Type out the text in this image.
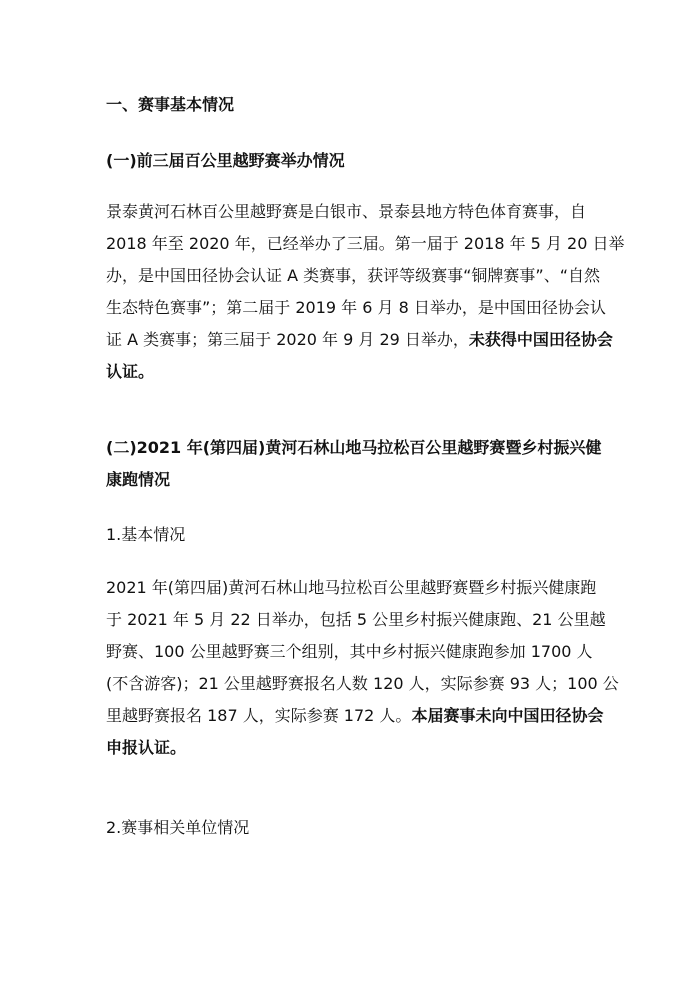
一、赛事基本情况
(一)前三届百公里越野赛举办情况
景泰黄河石林百公里越野赛是白银市、景泰县地方特色体育赛事，自
2018 年至 2020 年，已经举办了三届。第一届于 2018 年 5 月 20 日举
办，是中国田径协会认证 A 类赛事，获评等级赛事“铜牌赛事”、“自然
生态特色赛事”；第二届于 2019 年 6 月 8 日举办，是中国田径协会认
证 A 类赛事；第三届于 2020 年 9 月 29 日举办，未获得中国田径协会
认证。
(二)2021 年(第四届)黄河石林山地马拉松百公里越野赛暨乡村振兴健
康跑情况
1.基本情况
2021 年(第四届)黄河石林山地马拉松百公里越野赛暨乡村振兴健康跑
于 2021 年 5 月 22 日举办，包括 5 公里乡村振兴健康跑、21 公里越
野赛、100 公里越野赛三个组别，其中乡村振兴健康跑参加 1700 人
(不含游客)；21 公里越野赛报名人数 120 人，实际参赛 93 人；100 公
里越野赛报名 187 人，实际参赛 172 人。本届赛事未向中国田径协会
申报认证。
2.赛事相关单位情况
